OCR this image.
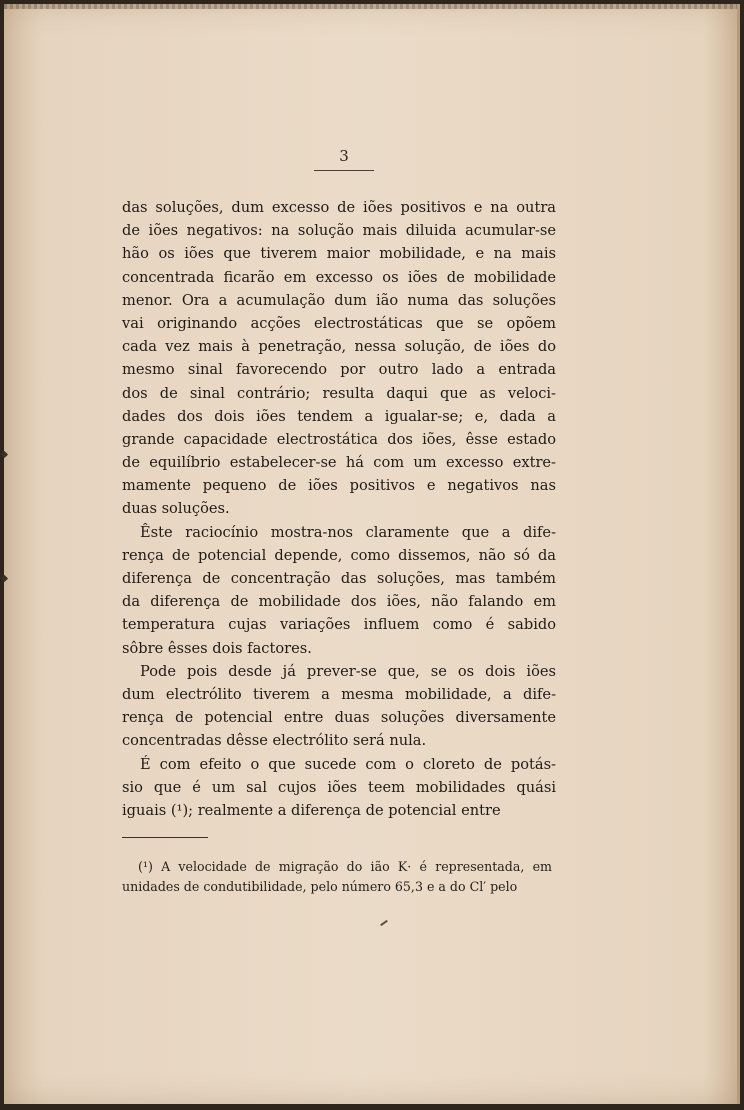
3
das soluções, dum excesso de iões positivos e na outra
de iões negativos: na solução mais diluida acumular-se
hão os iões que tiverem maior mobilidade, e na mais
concentrada ficarão em excesso os iões de mobilidade
menor. Ora a acumulação dum ião numa das soluções
vai originando acções electrostáticas que se opõem
cada vez mais à penetração, nessa solução, de iões do
mesmo sinal favorecendo por outro lado a entrada
dos de sinal contrário; resulta daqui que as veloci-
dades dos dois iões tendem a igualar-se; e, dada a
grande capacidade electrostática dos iões, êsse estado
de equilíbrio estabelecer-se há com um excesso extre-
mamente pequeno de iões positivos e negativos nas
duas soluções.
Êste raciocínio mostra-nos claramente que a dife-
rença de potencial depende, como dissemos, não só da
diferença de concentração das soluções, mas também
da diferença de mobilidade dos iões, não falando em
temperatura cujas variações influem como é sabido
sôbre êsses dois factores.
Pode pois desde já prever-se que, se os dois iões
dum electrólito tiverem a mesma mobilidade, a dife-
rença de potencial entre duas soluções diversamente
concentradas dêsse electrólito será nula.
É com efeito o que sucede com o cloreto de potás-
sio que é um sal cujos iões teem mobilidades quási
iguais (¹); realmente a diferença de potencial entre
(¹) A velocidade de migração do ião K· é representada, em
unidades de condutibilidade, pelo número 65,3 e a do Cl′ pelo
